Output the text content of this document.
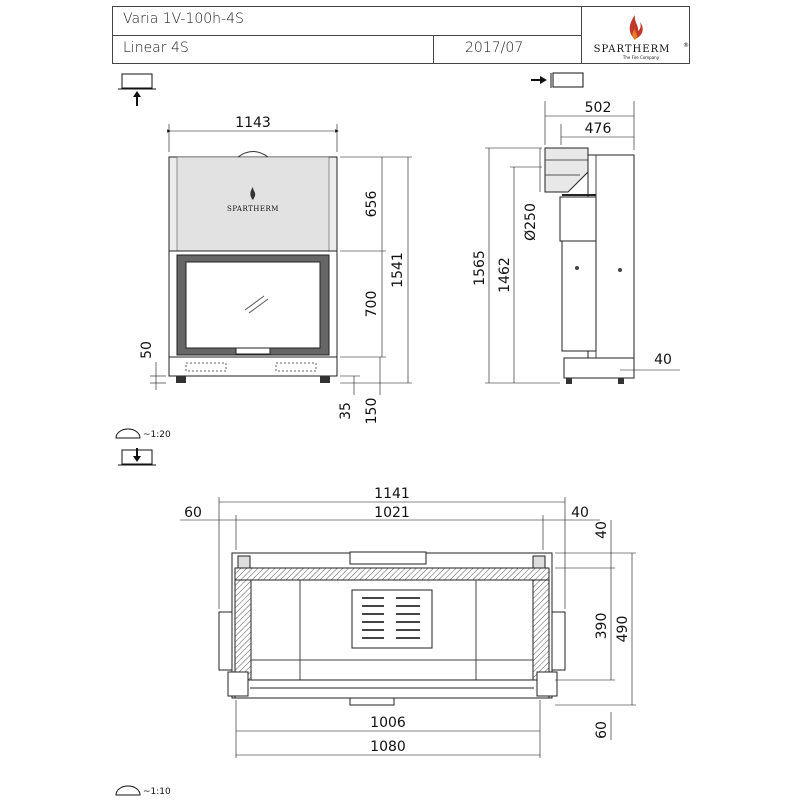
Varia 1V-100h-4S
Linear 4S	2017/07	SPARTHERM ®
The Fire Company
SPARTHERM
1143
656
700
1541
50
35 150
502
476
1565 1462
Ø250
40
~1:20
1141
1021
60	40
40
390 490
1006
1080
60
~1:10
